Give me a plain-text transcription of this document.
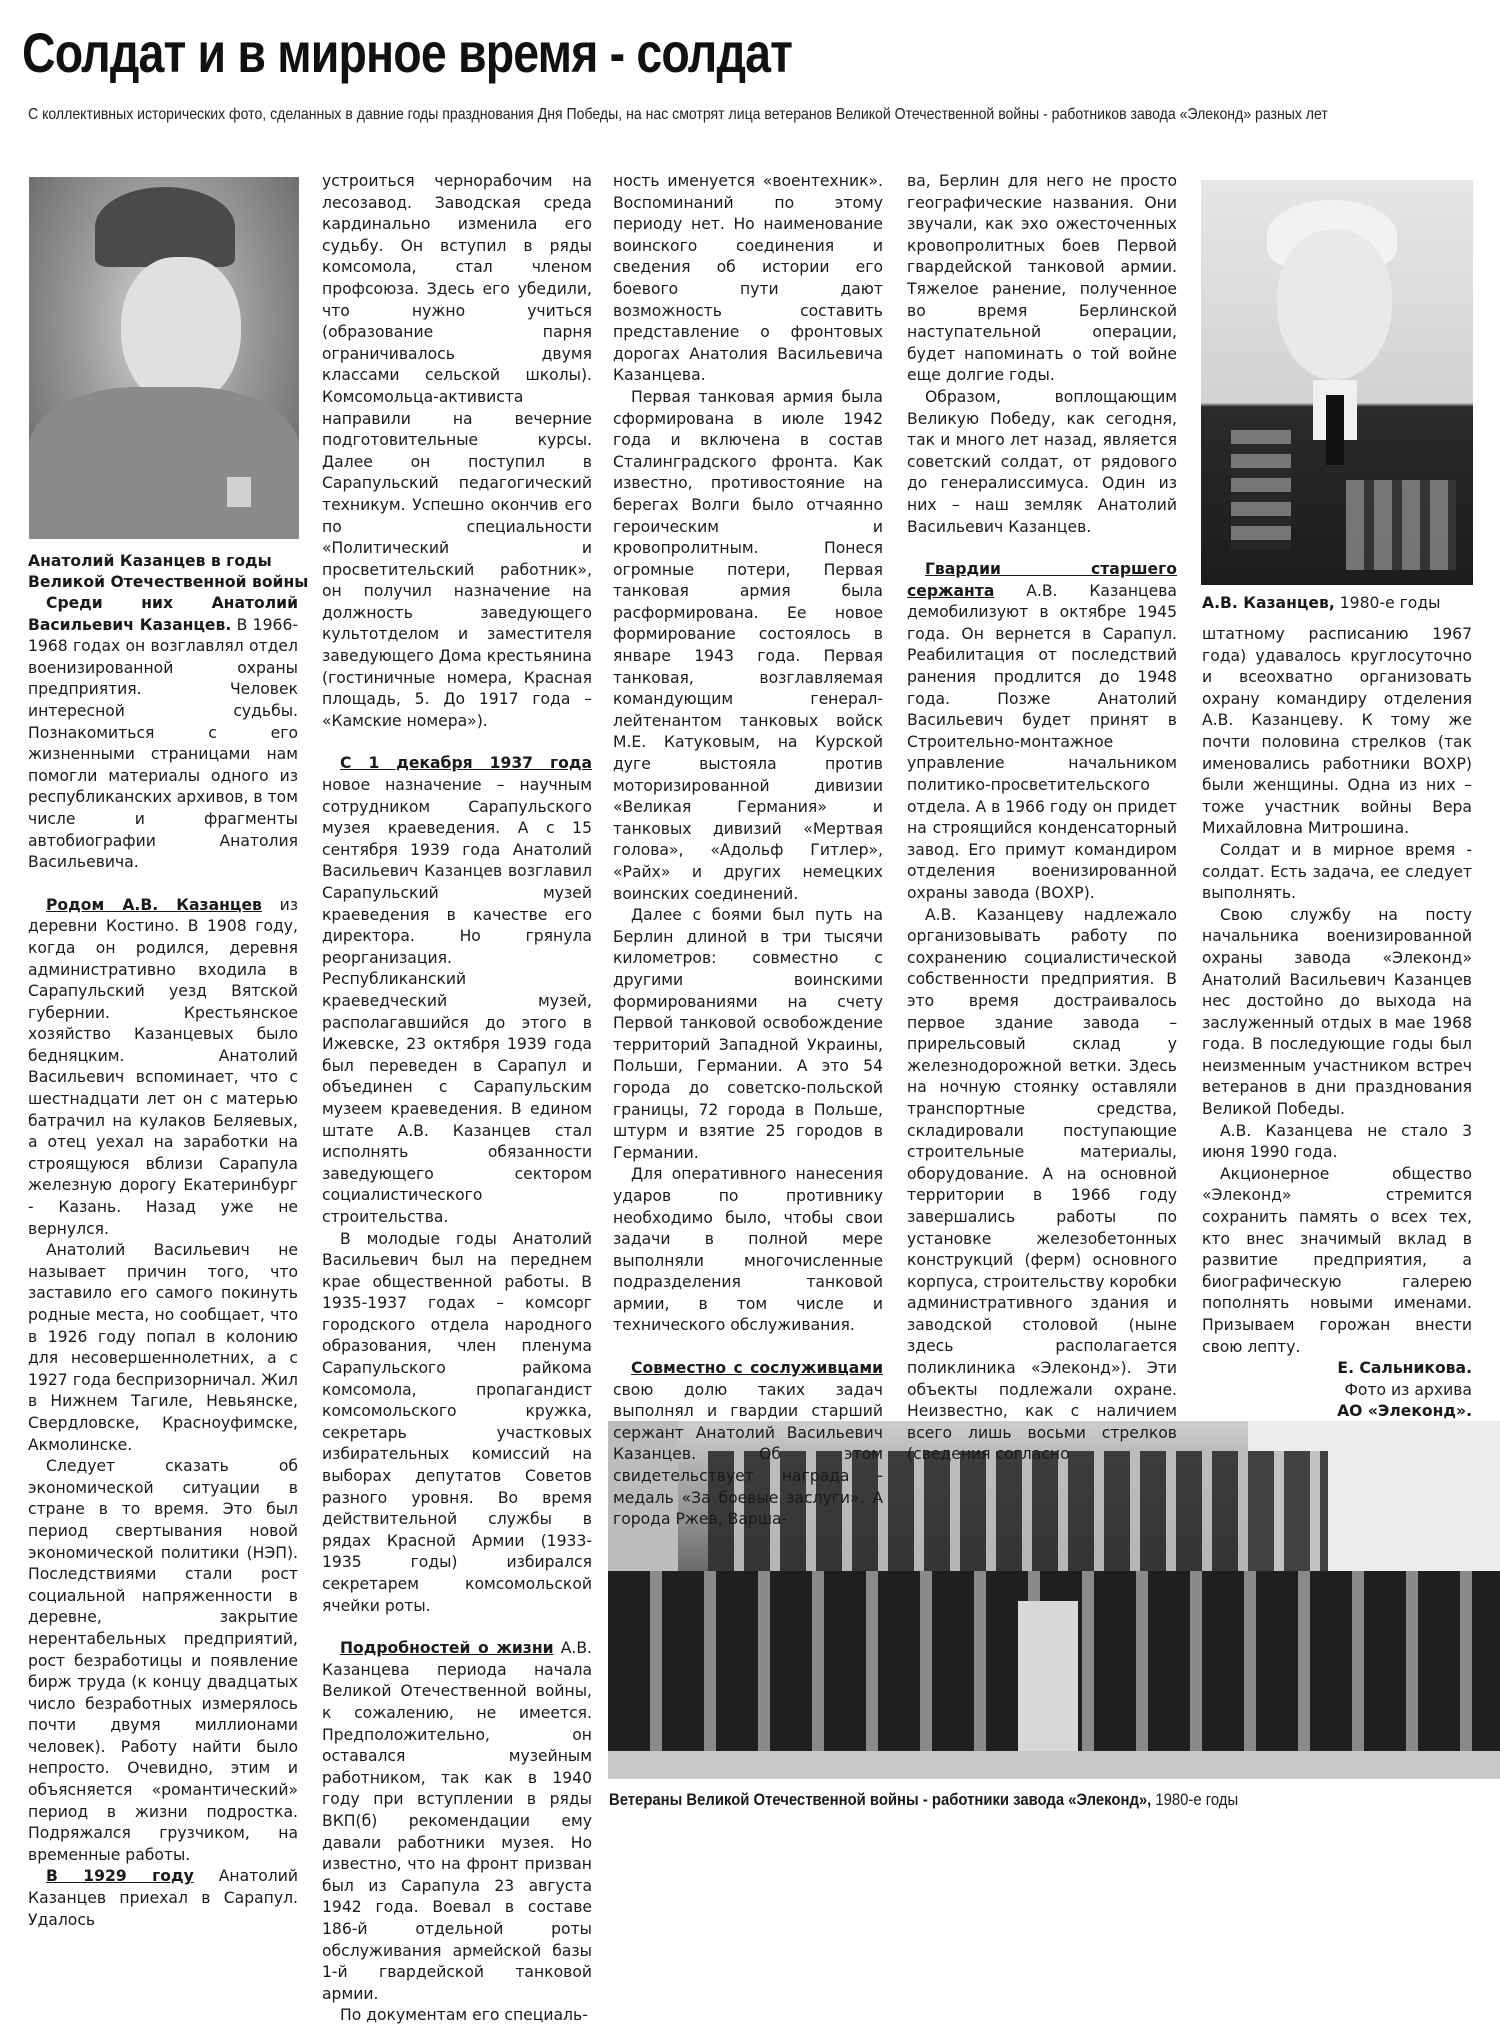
Солдат и в мирное время - солдат
С коллективных исторических фото, сделанных в давние годы празднования Дня Победы, на нас смотрят лица ветеранов Великой Отечественной войны - работников завода «Элеконд» разных лет
Анатолий Казанцев в годы Великой Отечественной войны
А.В. Казанцев, 1980-е годы
Ветераны Великой Отечественной войны - работники завода «Элеконд», 1980-е годы

Среди них Анатолий Васильевич Казанцев. В 1966-1968 годах он возглавлял отдел военизированной охраны предприятия. Человек интересной судьбы. Познакомиться с его жизненными страницами нам помогли материалы одного из республиканских архивов, в том числе и фрагменты автобиографии Анатолия Васильевича.

Родом А.В. Казанцев из деревни Костино. В 1908 году, когда он родился, деревня административно входила в Сарапульский уезд Вятской губернии. Крестьянское хозяйство Казанцевых было бедняцким. Анатолий Васильевич вспоминает, что с шестнадцати лет он с матерью батрачил на кулаков Беляевых, а отец уехал на заработки на строящуюся вблизи Сарапула железную дорогу Екатеринбург - Казань. Назад уже не вернулся.

Анатолий Васильевич не называет причин того, что заставило его самого покинуть родные места, но сообщает, что в 1926 году попал в колонию для несовершеннолетних, а с 1927 года беспризорничал. Жил в Нижнем Тагиле, Невьянске, Свердловске, Красноуфимске, Акмолинске.

Следует сказать об экономической ситуации в стране в то время. Это был период свертывания новой экономической политики (НЭП). Последствиями стали рост социальной напряженности в деревне, закрытие нерентабельных предприятий, рост безработицы и появление бирж труда (к концу двадцатых число безработных измерялось почти двумя миллионами человек). Работу найти было непросто. Очевидно, этим и объясняется «романтический» период в жизни подростка. Подряжался грузчиком, на временные работы.

В 1929 году Анатолий Казанцев приехал в Сарапул. Удалось

устроиться чернорабочим на лесозавод. Заводская среда кардинально изменила его судьбу. Он вступил в ряды комсомола, стал членом профсоюза. Здесь его убедили, что нужно учиться (образование парня ограничивалось двумя классами сельской школы). Комсомольца-активиста направили на вечерние подготовительные курсы. Далее он поступил в Сарапульский педагогический техникум. Успешно окончив его по специальности «Политический и просветительский работник», он получил назначение на должность заведующего культотделом и заместителя заведующего Дома крестьянина (гостиничные номера, Красная площадь, 5. До 1917 года – «Камские номера»).

С 1 декабря 1937 года новое назначение – научным сотрудником Сарапульского музея краеведения. А с 15 сентября 1939 года Анатолий Васильевич Казанцев возглавил Сарапульский музей краеведения в качестве его директора. Но грянула реорганизация. Республиканский краеведческий музей, располагавшийся до этого в Ижевске, 23 октября 1939 года был переведен в Сарапул и объединен с Сарапульским музеем краеведения. В едином штате А.В. Казанцев стал исполнять обязанности заведующего сектором социалистического строительства.

В молодые годы Анатолий Васильевич был на переднем крае общественной работы. В 1935-1937 годах – комсорг городского отдела народного образования, член пленума Сарапульского райкома комсомола, пропагандист комсомольского кружка, секретарь участковых избирательных комиссий на выборах депутатов Советов разного уровня. Во время действительной службы в рядах Красной Армии (1933-1935 годы) избирался секретарем комсомольской ячейки роты.

Подробностей о жизни А.В. Казанцева периода начала Великой Отечественной войны, к сожалению, не имеется. Предположительно, он оставался музейным работником, так как в 1940 году при вступлении в ряды ВКП(б) рекомендации ему давали работники музея. Но известно, что на фронт призван был из Сарапула 23 августа 1942 года. Воевал в составе 186-й отдельной роты обслуживания армейской базы 1-й гвардейской танковой армии.

По документам его специаль-

ность именуется «воентехник». Воспоминаний по этому периоду нет. Но наименование воинского соединения и сведения об истории его боевого пути дают возможность составить представление о фронтовых дорогах Анатолия Васильевича Казанцева.

Первая танковая армия была сформирована в июле 1942 года и включена в состав Сталинградского фронта. Как известно, противостояние на берегах Волги было отчаянно героическим и кровопролитным. Понеся огромные потери, Первая танковая армия была расформирована. Ее новое формирование состоялось в январе 1943 года. Первая танковая, возглавляемая командующим генерал-лейтенантом танковых войск М.Е. Катуковым, на Курской дуге выстояла против моторизированной дивизии «Великая Германия» и танковых дивизий «Мертвая голова», «Адольф Гитлер», «Райх» и других немецких воинских соединений.

Далее с боями был путь на Берлин длиной в три тысячи километров: совместно с другими воинскими формированиями на счету Первой танковой освобождение территорий Западной Украины, Польши, Германии. А это 54 города до советско-польской границы, 72 города в Польше, штурм и взятие 25 городов в Германии.

Для оперативного нанесения ударов по противнику необходимо было, чтобы свои задачи в полной мере выполняли многочисленные подразделения танковой армии, в том числе и технического обслуживания.

Совместно с сослуживцами свою долю таких задач выполнял и гвардии старший сержант Анатолий Васильевич Казанцев. Об этом свидетельствует награда - медаль «За боевые заслуги». А города Ржев, Варша-

ва, Берлин для него не просто географические названия. Они звучали, как эхо ожесточенных кровопролитных боев Первой гвардейской танковой армии. Тяжелое ранение, полученное во время Берлинской наступательной операции, будет напоминать о той войне еще долгие годы.

Образом, воплощающим Великую Победу, как сегодня, так и много лет назад, является советский солдат, от рядового до генералиссимуса. Один из них – наш земляк Анатолий Васильевич Казанцев.

Гвардии старшего сержанта А.В. Казанцева демобилизуют в октябре 1945 года. Он вернется в Сарапул. Реабилитация от последствий ранения продлится до 1948 года. Позже Анатолий Васильевич будет принят в Строительно-монтажное управление начальником политико-просветительского отдела. А в 1966 году он придет на строящийся конденсаторный завод. Его примут командиром отделения военизированной охраны завода (ВОХР).

А.В. Казанцеву надлежало организовывать работу по сохранению социалистической собственности предприятия. В это время достраивалось первое здание завода – прирельсовый склад у железнодорожной ветки. Здесь на ночную стоянку оставляли транспортные средства, складировали поступающие строительные материалы, оборудование. А на основной территории в 1966 году завершались работы по установке железобетонных конструкций (ферм) основного корпуса, строительству коробки административного здания и заводской столовой (ныне здесь располагается поликлиника «Элеконд»). Эти объекты подлежали охране. Неизвестно, как с наличием всего лишь восьми стрелков (сведения согласно

штатному расписанию 1967 года) удавалось круглосуточно и всеохватно организовать охрану командиру отделения А.В. Казанцеву. К тому же почти половина стрелков (так именовались работники ВОХР) были женщины. Одна из них – тоже участник войны Вера Михайловна Митрошина.

Солдат и в мирное время - солдат. Есть задача, ее следует выполнять.

Свою службу на посту начальника военизированной охраны завода «Элеконд» Анатолий Васильевич Казанцев нес достойно до выхода на заслуженный отдых в мае 1968 года. В последующие годы был неизменным участником встреч ветеранов в дни празднования Великой Победы.

А.В. Казанцева не стало 3 июня 1990 года.

Акционерное общество «Элеконд» стремится сохранить память о всех тех, кто внес значимый вклад в развитие предприятия, а биографическую галерею пополнять новыми именами. Призываем горожан внести свою лепту.

Е. Сальникова.

Фото из архива

АО «Элеконд».
